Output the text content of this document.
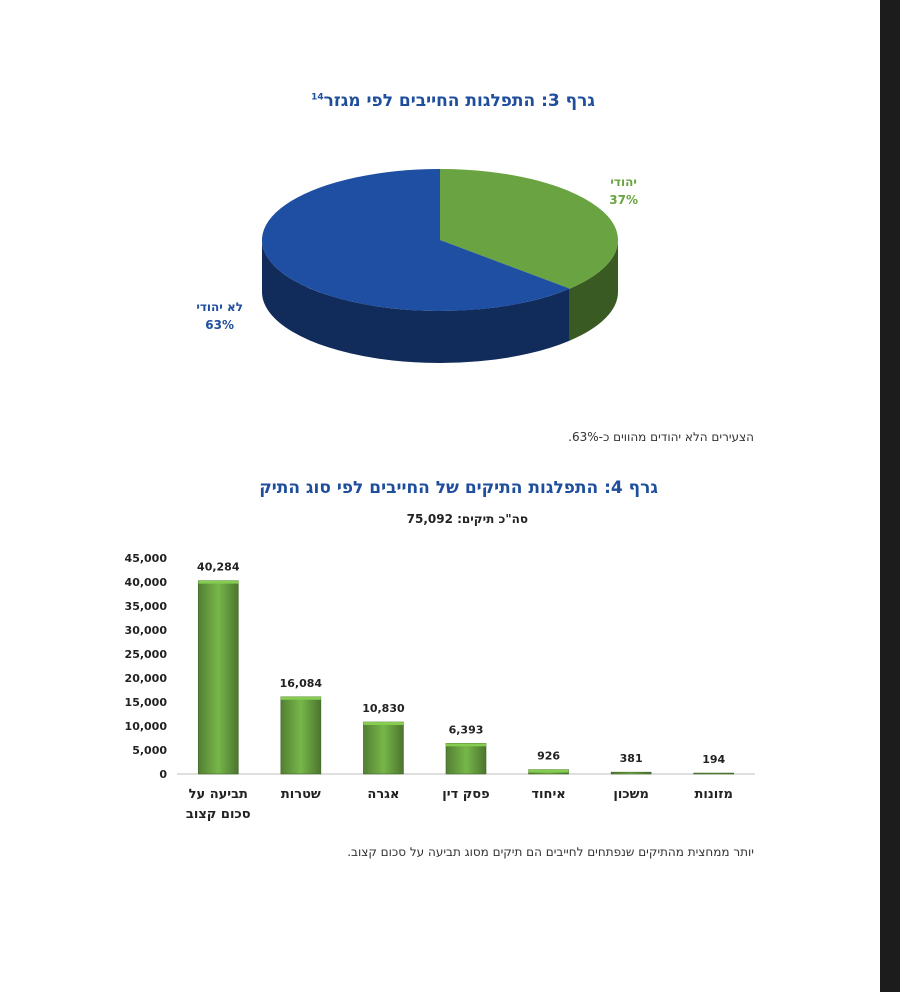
גרף 3: התפלגות החייבים לפי מגזר$^{14}$
יהודי
37%
לא יהודי
63%
הצעירים הלא יהודים מהווים כ-63%.
גרף 4: התפלגות התיקים של החייבים לפי סוג התיק
סה"כ תיקים: 75,092
0
5,000
10,000
15,000
20,000
25,000
30,000
35,000
40,000
45,000
40,284
תביעה על
סכום קצוב
16,084
שטרות
10,830
אגרה
6,393
פסק דין
926
איחוד
381
משכון
194
מזונות
יותר ממחצית מהתיקים שנפתחים לחייבים הם תיקים מסוג תביעה על סכום קצוב.
